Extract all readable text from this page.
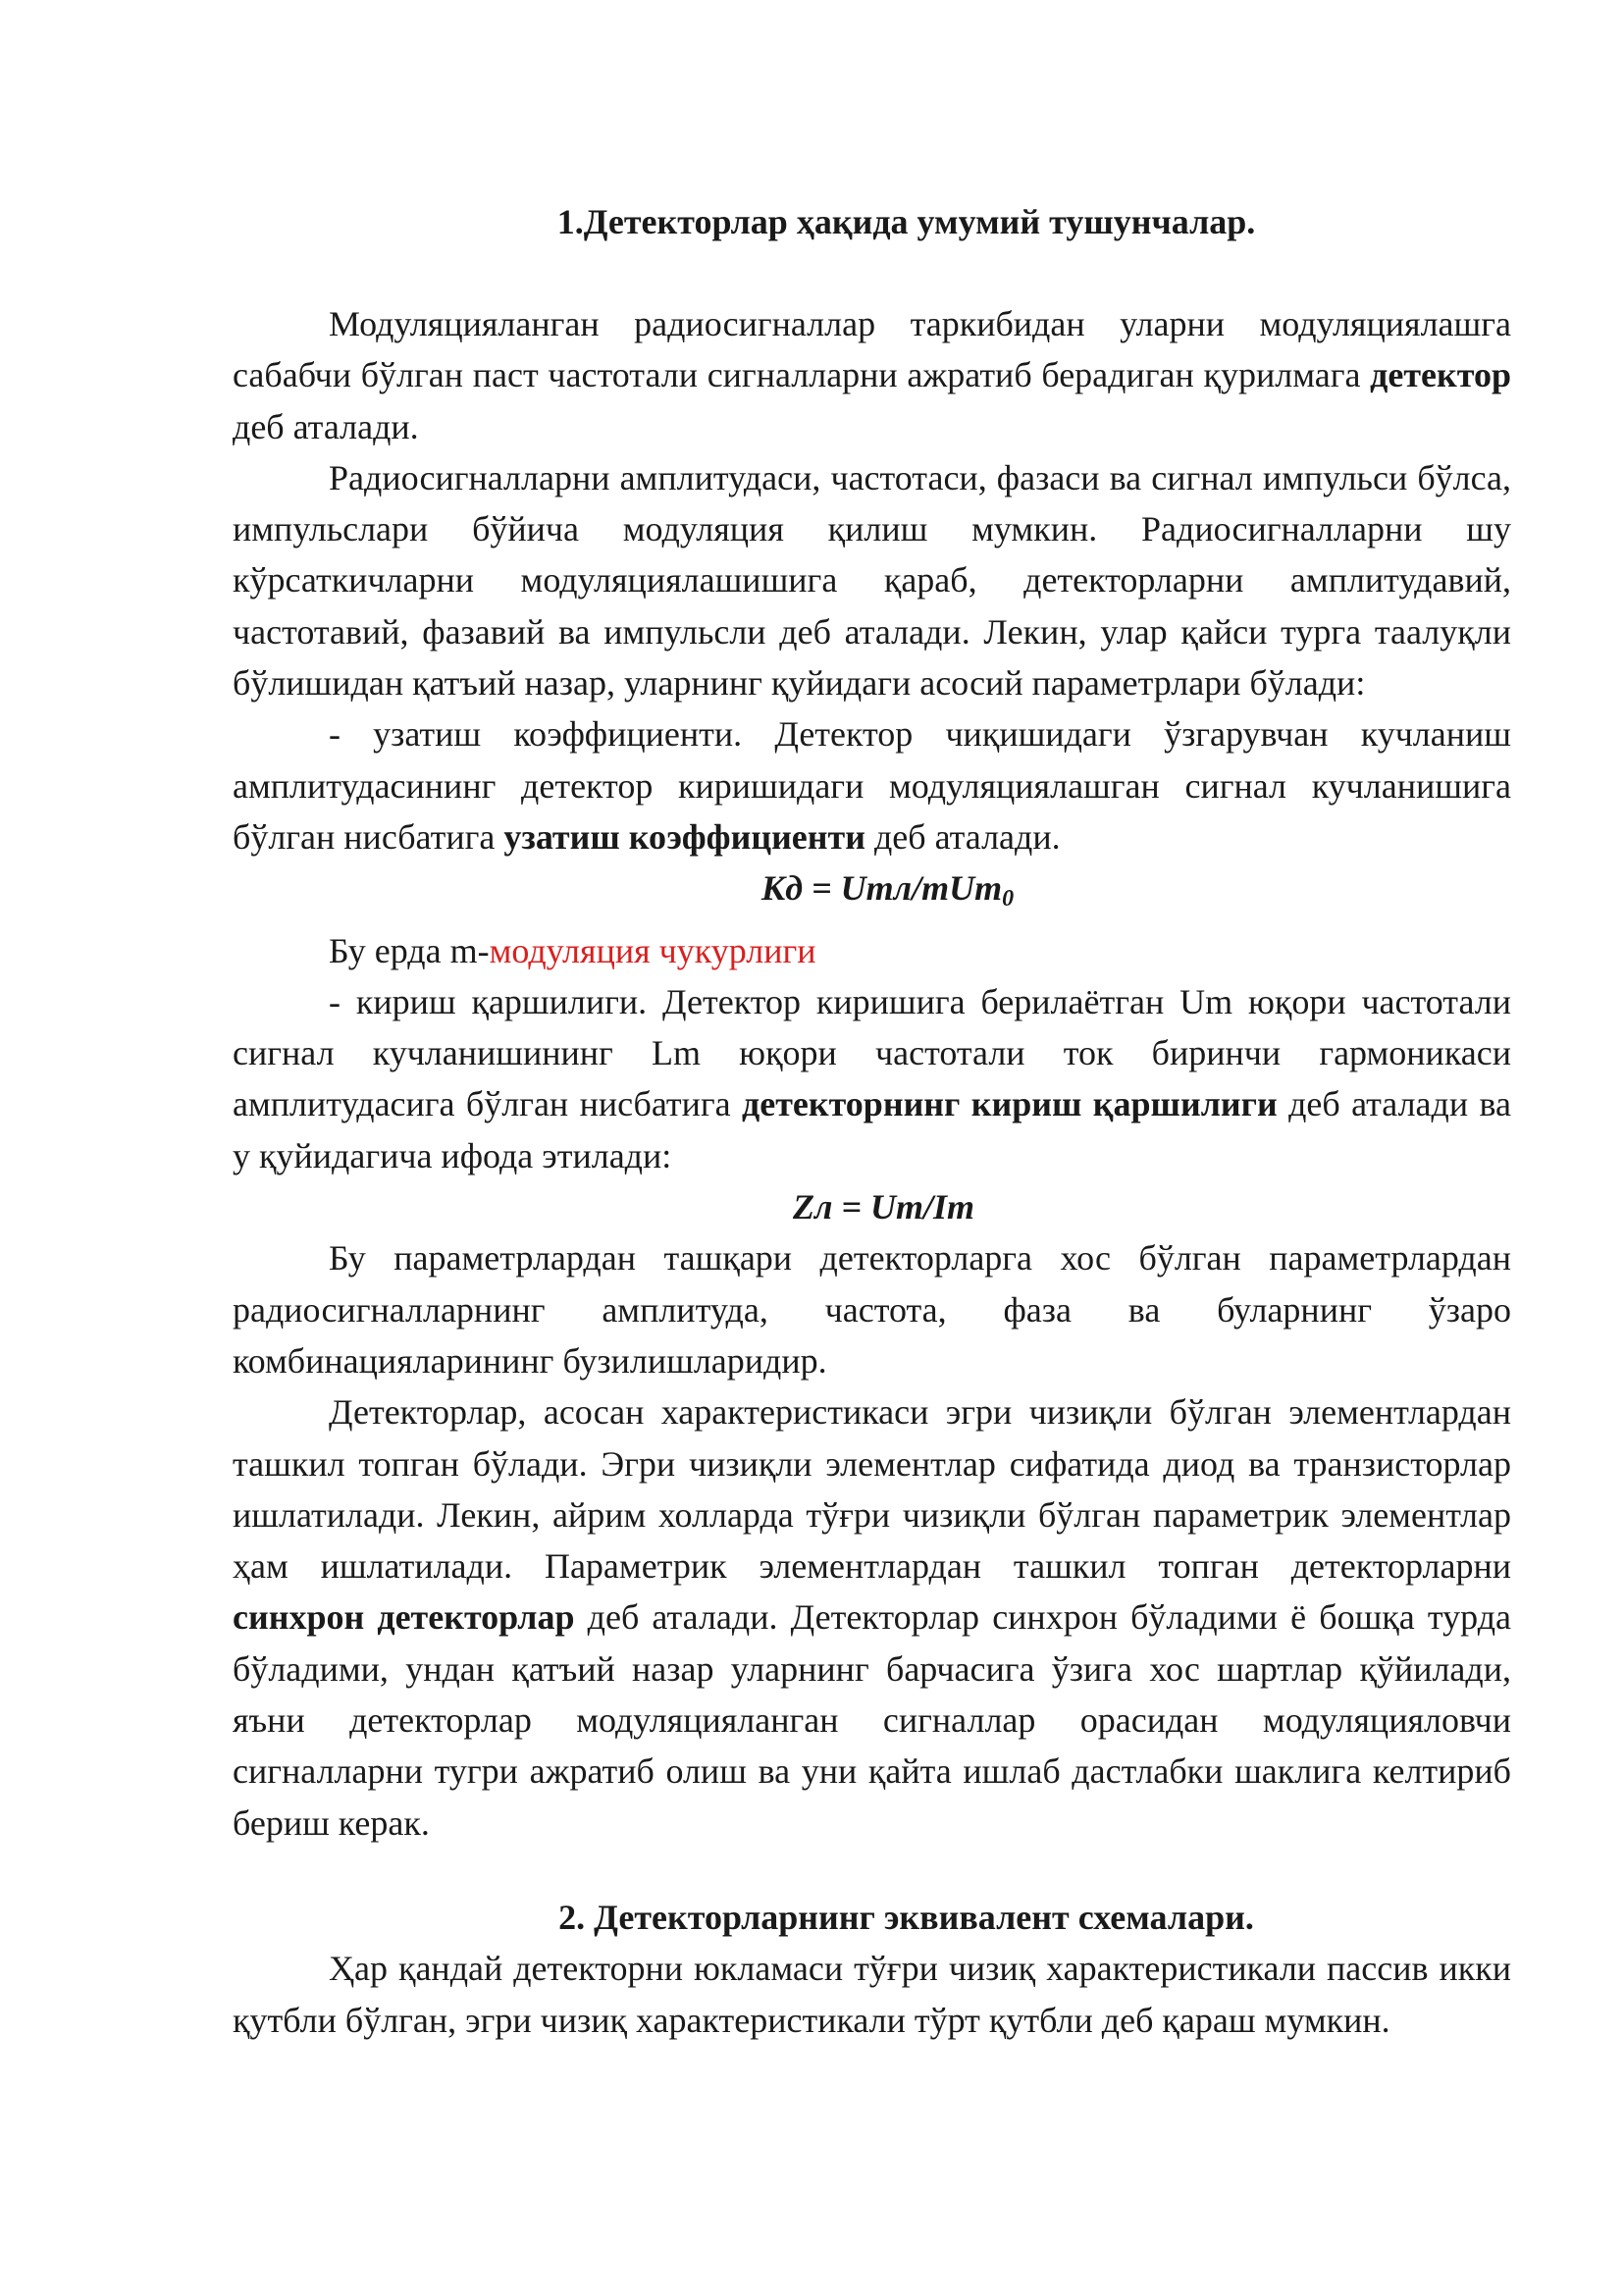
1.Детекторлар ҳақида умумий тушунчалар.

Модуляцияланган радиосигналлар таркибидан уларни модуляциялашга сабабчи бўлган паст частотали сигналларни ажратиб берадиган қурилмага детектор деб аталади.

Радиосигналларни амплитудаси, частотаси, фазаси ва сигнал импульси бўлса, импульслари бўйича модуляция қилиш мумкин. Радиосигналларни шу кўрсаткичларни модуляциялашишига қараб, детекторларни амплитудавий, частотавий, фазавий ва импульсли деб аталади. Лекин, улар қайси турга таалуқли бўлишидан қатъий назар, уларнинг қуйидаги асосий параметрлари бўлади:

- узатиш коэффициенти. Детектор чиқишидаги ўзгарувчан кучланиш амплитудасининг детектор киришидаги модуляциялашган сигнал кучланишига бўлган нисбатига узатиш коэффициенти деб аталади.

Кд = Uтл/mUm$_0$

Бу ерда m-модуляция чукурлиги

- кириш қаршилиги. Детектор киришига берилаётган Um юқори частотали сигнал кучланишининг Lm юқори частотали ток биринчи гармоникаси амплитудасига бўлган нисбатига детекторнинг кириш қаршилиги деб аталади ва у қуйидагича ифода этилади:

Zл = Um/Im

Бу параметрлардан ташқари детекторларга хос бўлган параметрлардан радиосигналларнинг амплитуда, частота, фаза ва буларнинг ўзаро комбинацияларининг бузилишларидир.

Детекторлар, асосан характеристикаси эгри чизиқли бўлган элементлардан ташкил топган бўлади. Эгри чизиқли элементлар сифатида диод ва транзисторлар ишлатилади. Лекин, айрим холларда тўғри чизиқли бўлган параметрик элементлар ҳам ишлатилади. Параметрик элементлардан ташкил топган детекторларни синхрон детекторлар деб аталади. Детекторлар синхрон бўладими ё бошқа турда бўладими, ундан қатъий назар уларнинг барчасига ўзига хос шартлар қўйилади, яъни детекторлар модуляцияланган сигналлар орасидан модуляцияловчи сигналларни тугри ажратиб олиш ва уни қайта ишлаб дастлабки шаклига келтириб бериш керак.

2. Детекторларнинг эквивалент схемалари.

Ҳар қандай детекторни юкламаси тўғри чизиқ характеристикали пассив икки қутбли бўлган, эгри чизиқ характеристикали тўрт қутбли деб қараш мумкин.
